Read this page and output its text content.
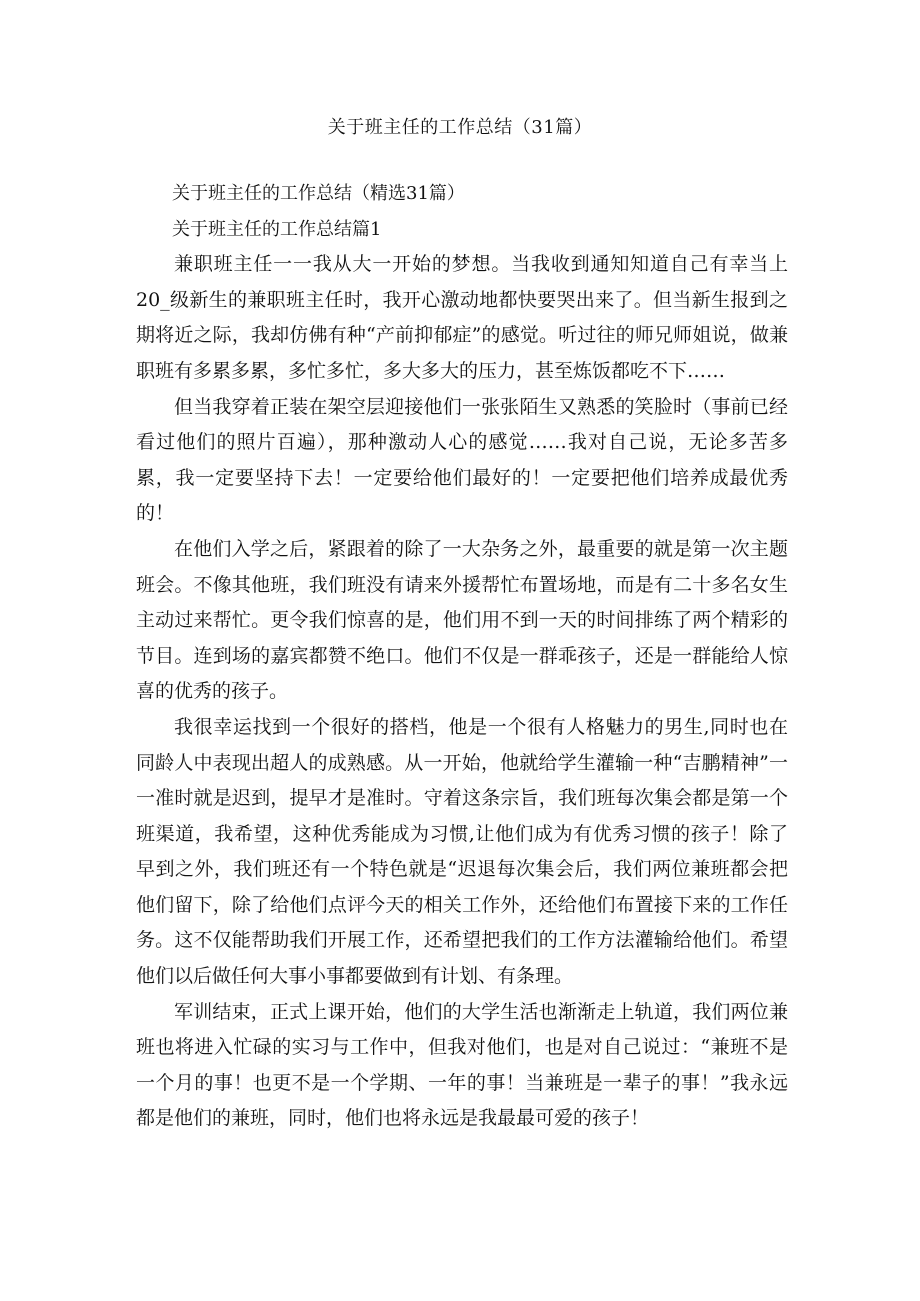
关于班主任的工作总结（31篇）

关于班主任的工作总结（精选31篇）

关于班主任的工作总结篇1

兼职班主任一一我从大一开始的梦想。当我收到通知知道自己有幸当上20_级新生的兼职班主任时，我开心激动地都快要哭出来了。但当新生报到之期将近之际，我却仿佛有种“产前抑郁症”的感觉。听过往的师兄师姐说，做兼职班有多累多累，多忙多忙，多大多大的压力，甚至炼饭都吃不下……

但当我穿着正装在架空层迎接他们一张张陌生又熟悉的笑脸时（事前已经看过他们的照片百遍），那种激动人心的感觉……我对自己说，无论多苦多累，我一定要坚持下去！一定要给他们最好的！一定要把他们培养成最优秀的！

在他们入学之后，紧跟着的除了一大杂务之外，最重要的就是第一次主题班会。不像其他班，我们班没有请来外援帮忙布置场地，而是有二十多名女生主动过来帮忙。更令我们惊喜的是，他们用不到一天的时间排练了两个精彩的节目。连到场的嘉宾都赞不绝口。他们不仅是一群乖孩子，还是一群能给人惊喜的优秀的孩子。

我很幸运找到一个很好的搭档，他是一个很有人格魅力的男生,同时也在同龄人中表现出超人的成熟感。从一开始，他就给学生灌输一种“吉鹏精神”一一准时就是迟到，提早才是准时。守着这条宗旨，我们班每次集会都是第一个班渠道，我希望，这种优秀能成为习惯,让他们成为有优秀习惯的孩子！除了早到之外，我们班还有一个特色就是“迟退每次集会后，我们两位兼班都会把他们留下，除了给他们点评今天的相关工作外，还给他们布置接下来的工作任务。这不仅能帮助我们开展工作，还希望把我们的工作方法灌输给他们。希望他们以后做任何大事小事都要做到有计划、有条理。

军训结束，正式上课开始，他们的大学生活也渐渐走上轨道，我们两位兼班也将进入忙碌的实习与工作中，但我对他们，也是对自己说过：“兼班不是一个月的事！也更不是一个学期、一年的事！当兼班是一辈子的事！”我永远都是他们的兼班，同时，他们也将永远是我最最可爱的孩子！
